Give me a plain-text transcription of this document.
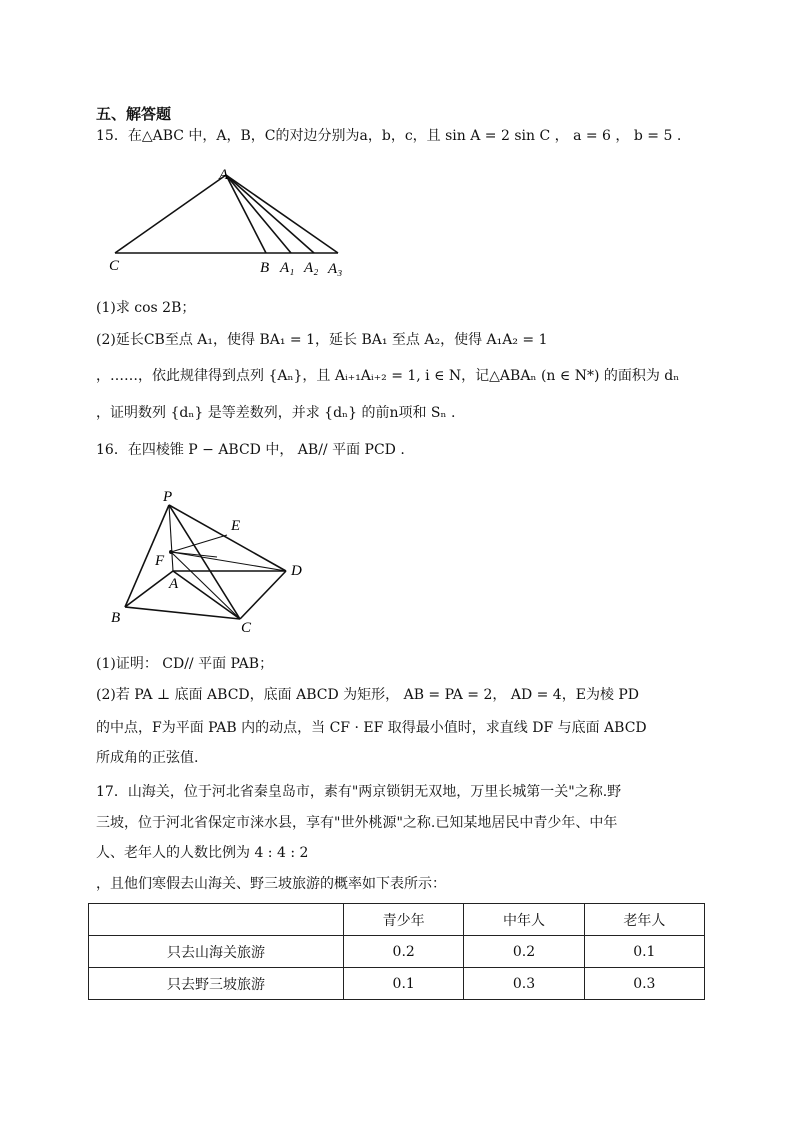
五、解答题
15．在△ABC 中，A，B，C的对边分别为a，b，c，且 sin A = 2 sin C ， a = 6 ， b = 5 .
A
C	B A₁ A₂ A₃
(1)求 cos 2B；
(2)延长CB至点 A₁，使得 BA₁ = 1，延长 BA₁ 至点 A₂，使得 A₁A₂ = 1
，……，依此规律得到点列 {Aₙ}，且 Aᵢ₊₁Aᵢ₊₂ = 1, i ∈ N，记△ABAₙ (n ∈ N*) 的面积为 dₙ
，证明数列 {dₙ} 是等差数列，并求 {dₙ} 的前n项和 Sₙ .
16．在四棱锥 P − ABCD 中， AB// 平面 PCD .
P
E
F
A
D
B
C
(1)证明： CD// 平面 PAB；
(2)若 PA ⊥ 底面 ABCD，底面 ABCD 为矩形， AB = PA = 2， AD = 4，E为棱 PD
的中点，F为平面 PAB 内的动点，当 CF · EF 取得最小值时，求直线 DF 与底面 ABCD
所成角的正弦值.
17．山海关，位于河北省秦皇岛市，素有"两京锁钥无双地，万里长城第一关"之称.野
三坡，位于河北省保定市涞水县，享有"世外桃源"之称.已知某地居民中青少年、中年
人、老年人的人数比例为 4 : 4 : 2
，且他们寒假去山海关、野三坡旅游的概率如下表所示：
	青少年	中年人	老年人
只去山海关旅游	0.2	0.2	0.1
只去野三坡旅游	0.1	0.3	0.3
